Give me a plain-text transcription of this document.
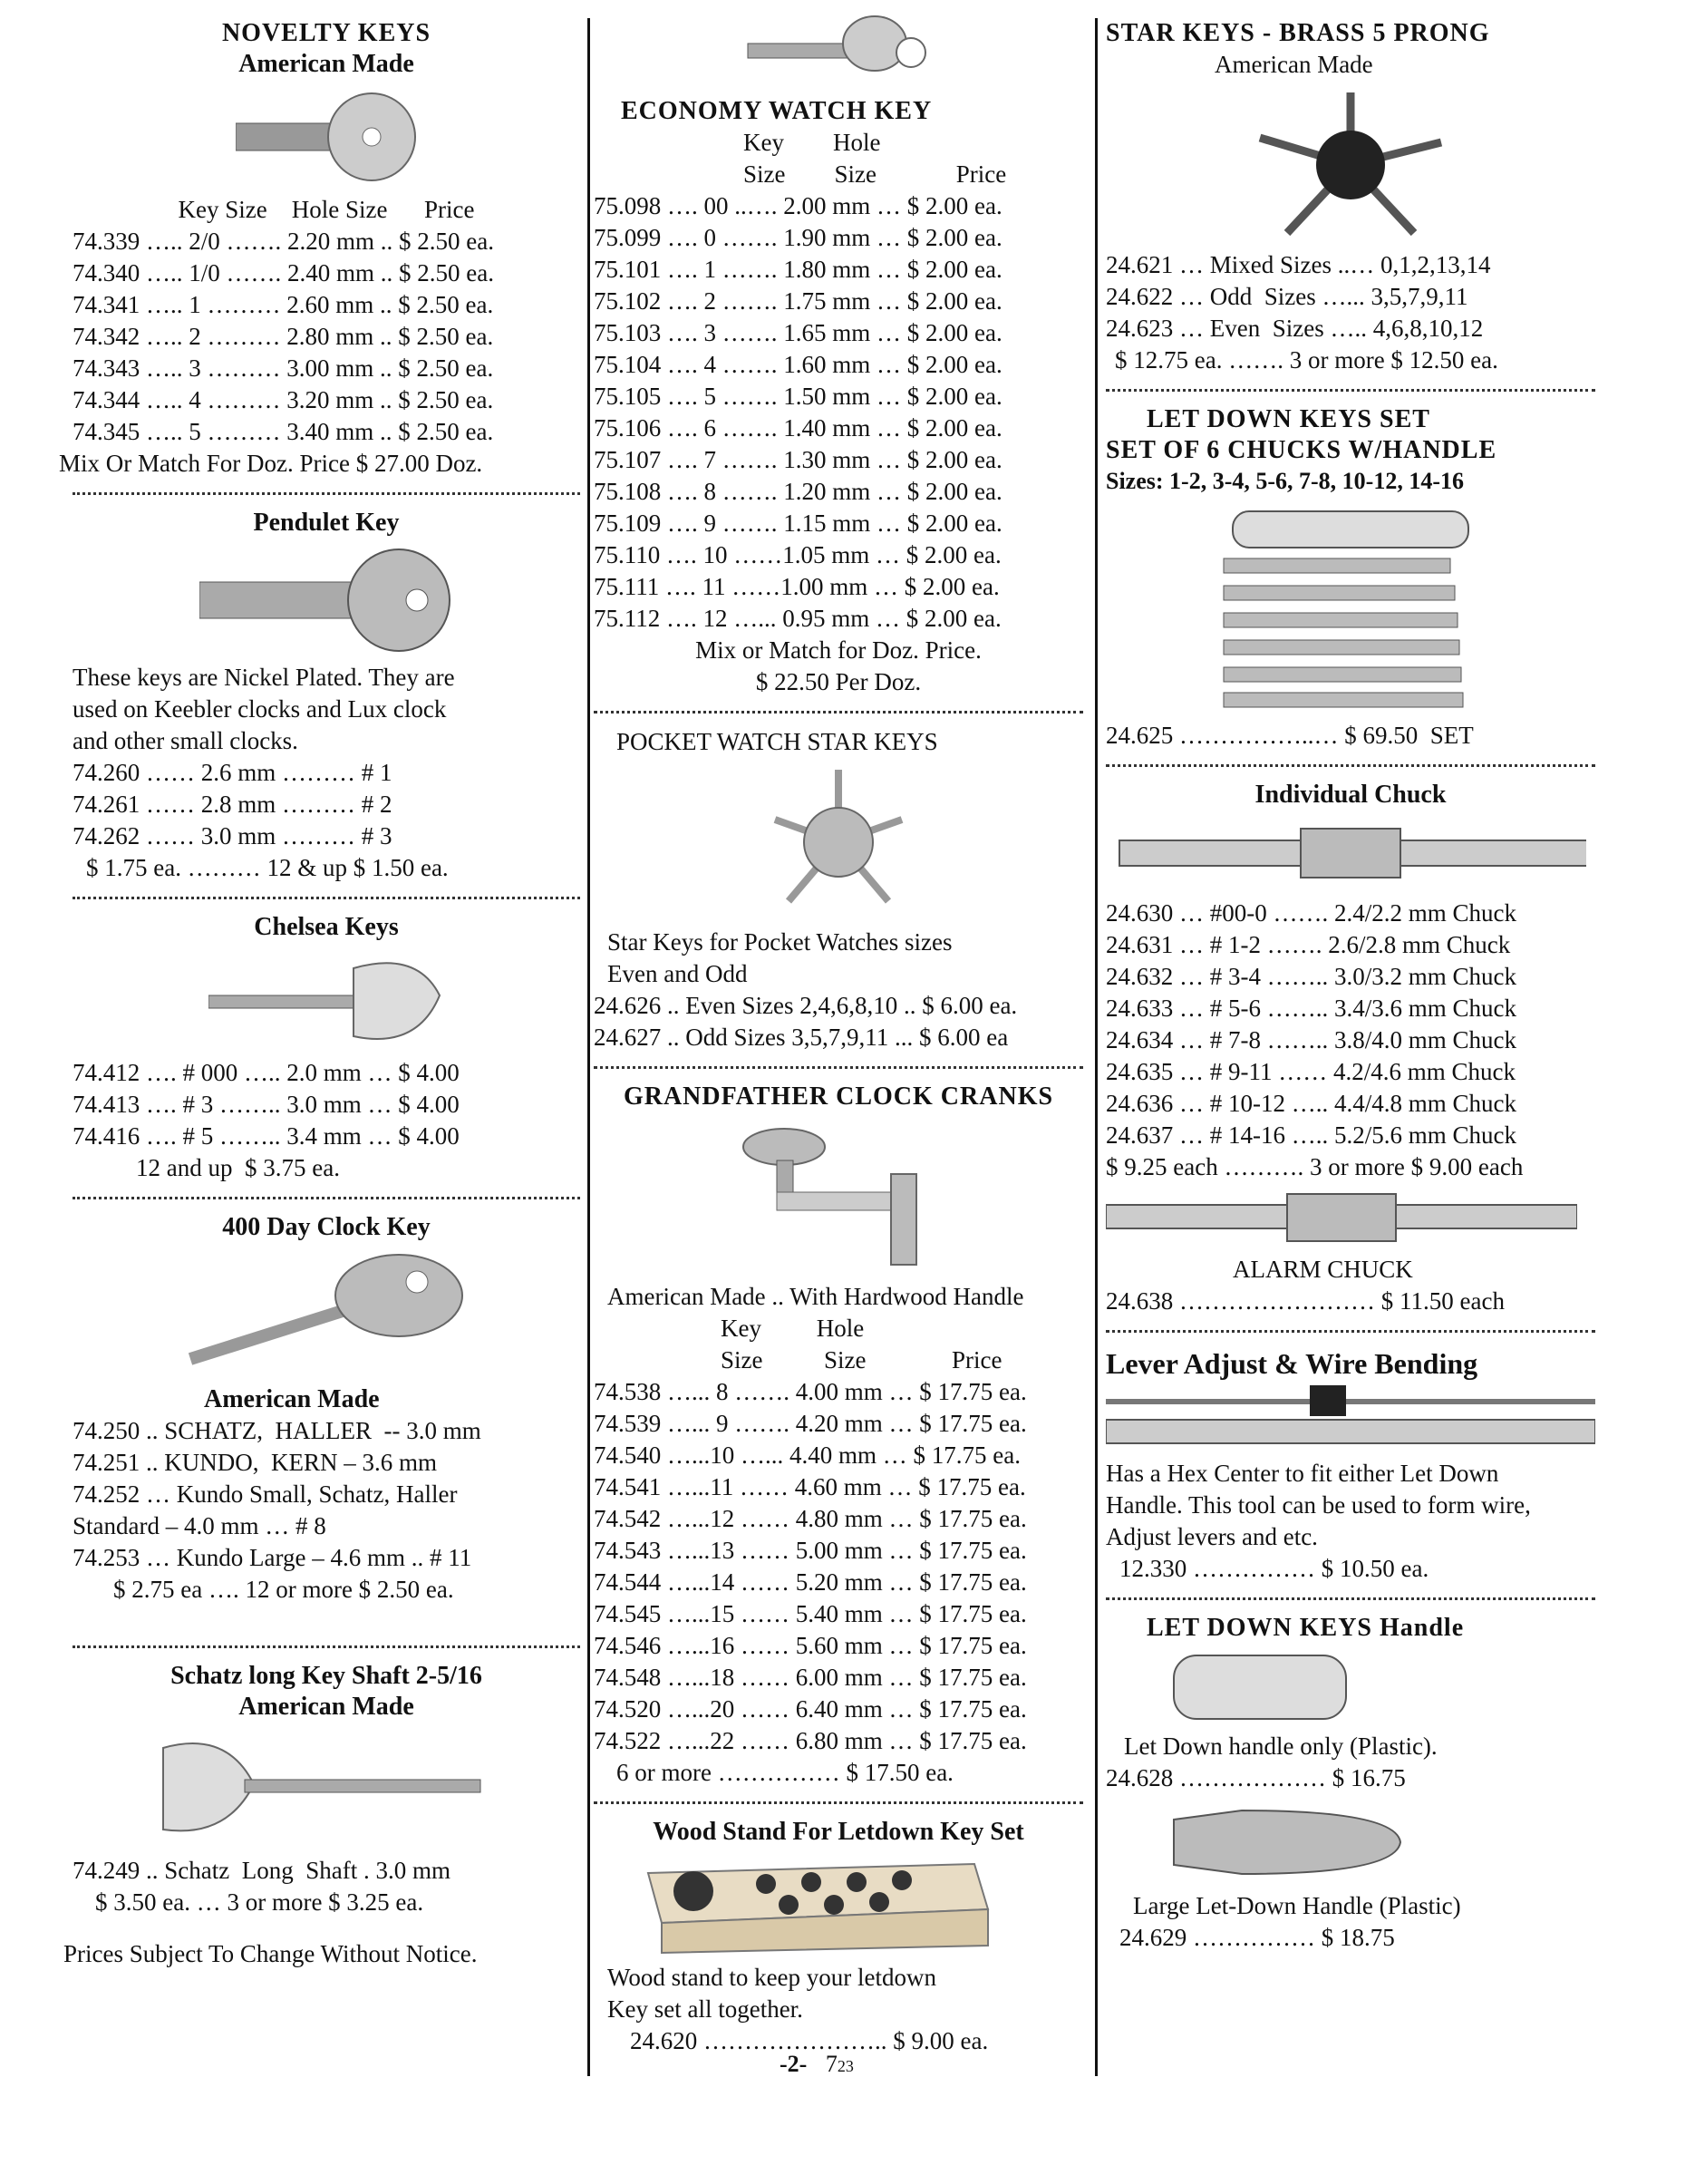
NOVELTY KEYS
American Made
Key Size    Hole Size      Price
74.339 ….. 2/0 ……. 2.20 mm .. $ 2.50 ea.
74.340 ….. 1/0 ……. 2.40 mm .. $ 2.50 ea.
74.341 ….. 1 ……… 2.60 mm .. $ 2.50 ea.
74.342 ….. 2 ……… 2.80 mm .. $ 2.50 ea.
74.343 ….. 3 ……… 3.00 mm .. $ 2.50 ea.
74.344 ….. 4 ……… 3.20 mm .. $ 2.50 ea.
74.345 ….. 5 ……… 3.40 mm .. $ 2.50 ea.
Mix Or Match For Doz. Price $ 27.00 Doz.
Pendulet Key
These keys are Nickel Plated. They are
used on Keebler clocks and Lux clock
and other small clocks.
74.260 …… 2.6 mm ……… # 1
74.261 …… 2.8 mm ……… # 2
74.262 …… 3.0 mm ……… # 3
$ 1.75 ea. ……… 12 & up $ 1.50 ea.
Chelsea Keys
74.412 …. # 000 ….. 2.0 mm … $ 4.00
74.413 …. # 3 …….. 3.0 mm … $ 4.00
74.416 …. # 5 …….. 3.4 mm … $ 4.00
12 and up  $ 3.75 ea.
400 Day Clock Key
American Made
74.250 .. SCHATZ,  HALLER  -- 3.0 mm
74.251 .. KUNDO,  KERN – 3.6 mm
74.252 … Kundo Small, Schatz, Haller
Standard – 4.0 mm … # 8
74.253 … Kundo Large – 4.6 mm .. # 11
$ 2.75 ea …. 12 or more $ 2.50 ea.
Schatz long Key Shaft 2-5/16
American Made
74.249 .. Schatz  Long  Shaft . 3.0 mm
$ 3.50 ea. … 3 or more $ 3.25 ea.
Prices Subject To Change Without Notice.
ECONOMY WATCH KEY
Key        Hole
Size        Size             Price
75.098 …. 00 ..…. 2.00 mm … $ 2.00 ea.
75.099 …. 0 ……. 1.90 mm … $ 2.00 ea.
75.101 …. 1 ……. 1.80 mm … $ 2.00 ea.
75.102 …. 2 ……. 1.75 mm … $ 2.00 ea.
75.103 …. 3 ……. 1.65 mm … $ 2.00 ea.
75.104 …. 4 ……. 1.60 mm … $ 2.00 ea.
75.105 …. 5 ……. 1.50 mm … $ 2.00 ea.
75.106 …. 6 ……. 1.40 mm … $ 2.00 ea.
75.107 …. 7 ……. 1.30 mm … $ 2.00 ea.
75.108 …. 8 ……. 1.20 mm … $ 2.00 ea.
75.109 …. 9 ……. 1.15 mm … $ 2.00 ea.
75.110 …. 10 ……1.05 mm … $ 2.00 ea.
75.111 …. 11 ……1.00 mm … $ 2.00 ea.
75.112 …. 12 …... 0.95 mm … $ 2.00 ea.
Mix or Match for Doz. Price.
$ 22.50 Per Doz.
POCKET WATCH STAR KEYS
Star Keys for Pocket Watches sizes
Even and Odd
24.626 .. Even Sizes 2,4,6,8,10 .. $ 6.00 ea.
24.627 .. Odd Sizes 3,5,7,9,11 ... $ 6.00 ea
GRANDFATHER CLOCK CRANKS
American Made .. With Hardwood Handle
Key         Hole
Size          Size              Price
74.538 …... 8 ……. 4.00 mm … $ 17.75 ea.
74.539 …... 9 ……. 4.20 mm … $ 17.75 ea.
74.540 …...10 …... 4.40 mm … $ 17.75 ea.
74.541 …...11 …… 4.60 mm … $ 17.75 ea.
74.542 …...12 …… 4.80 mm … $ 17.75 ea.
74.543 …...13 …… 5.00 mm … $ 17.75 ea.
74.544 …...14 …… 5.20 mm … $ 17.75 ea.
74.545 …...15 …… 5.40 mm … $ 17.75 ea.
74.546 …...16 …… 5.60 mm … $ 17.75 ea.
74.548 …...18 …… 6.00 mm … $ 17.75 ea.
74.520 …...20 …… 6.40 mm … $ 17.75 ea.
74.522 …...22 …… 6.80 mm … $ 17.75 ea.
6 or more …………… $ 17.50 ea.
Wood Stand For Letdown Key Set
Wood stand to keep your letdown
Key set all together.
24.620 ………………….. $ 9.00 ea.
-2- 723
STAR KEYS - BRASS 5 PRONG
American Made
24.621 … Mixed Sizes ..… 0,1,2,13,14
24.622 … Odd  Sizes …... 3,5,7,9,11
24.623 … Even  Sizes ….. 4,6,8,10,12
$ 12.75 ea. ……. 3 or more $ 12.50 ea.
LET DOWN KEYS SET
SET OF 6 CHUCKS W/HANDLE
Sizes: 1-2, 3-4, 5-6, 7-8, 10-12, 14-16
24.625 ……………..… $ 69.50  SET
Individual Chuck
24.630 … #00-0 ……. 2.4/2.2 mm Chuck
24.631 … # 1-2 ……. 2.6/2.8 mm Chuck
24.632 … # 3-4 …….. 3.0/3.2 mm Chuck
24.633 … # 5-6 …….. 3.4/3.6 mm Chuck
24.634 … # 7-8 …….. 3.8/4.0 mm Chuck
24.635 … # 9-11 …… 4.2/4.6 mm Chuck
24.636 … # 10-12 ….. 4.4/4.8 mm Chuck
24.637 … # 14-16 ….. 5.2/5.6 mm Chuck
$ 9.25 each ………. 3 or more $ 9.00 each
ALARM CHUCK
24.638 …………………… $ 11.50 each
Lever Adjust & Wire Bending
Has a Hex Center to fit either Let Down
Handle. This tool can be used to form wire,
Adjust levers and etc.
12.330 …………… $ 10.50 ea.
LET DOWN KEYS Handle
Let Down handle only (Plastic).
24.628 ……………… $ 16.75
Large Let-Down Handle (Plastic)
24.629 …………… $ 18.75
